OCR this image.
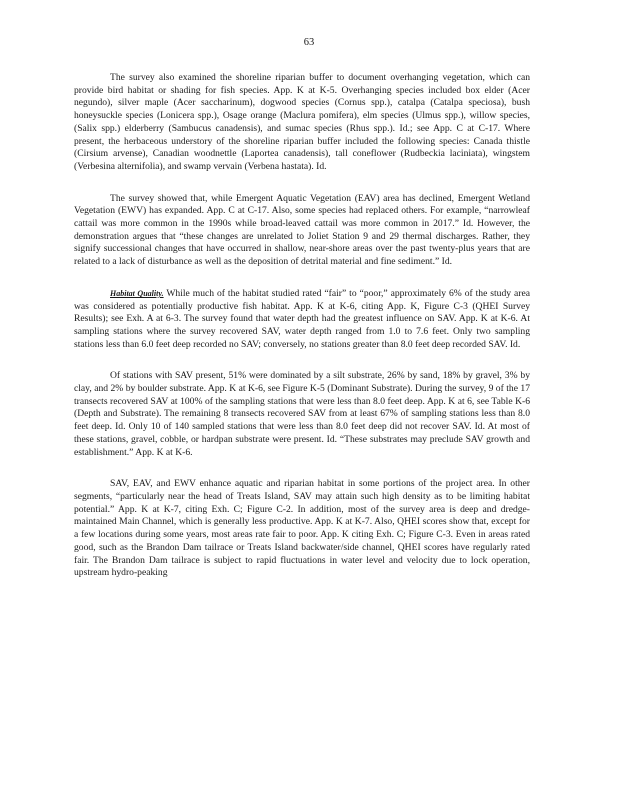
63

The survey also examined the shoreline riparian buffer to document overhanging vegetation, which can provide bird habitat or shading for fish species. App. K at K-5. Overhanging species included box elder (Acer negundo), silver maple (Acer saccharinum), dogwood species (Cornus spp.), catalpa (Catalpa speciosa), bush honeysuckle species (Lonicera spp.), Osage orange (Maclura pomifera), elm species (Ulmus spp.), willow species, (Salix spp.) elderberry (Sambucus canadensis), and sumac species (Rhus spp.). Id.; see App. C at C-17. Where present, the herbaceous understory of the shoreline riparian buffer included the following species: Canada thistle (Cirsium arvense), Canadian woodnettle (Laportea canadensis), tall coneflower (Rudbeckia laciniata), wingstem (Verbesina alternifolia), and swamp vervain (Verbena hastata). Id.

The survey showed that, while Emergent Aquatic Vegetation (EAV) area has declined, Emergent Wetland Vegetation (EWV) has expanded. App. C at C-17. Also, some species had replaced others. For example, “narrowleaf cattail was more common in the 1990s while broad-leaved cattail was more common in 2017.” Id. However, the demonstration argues that “these changes are unrelated to Joliet Station 9 and 29 thermal discharges. Rather, they signify successional changes that have occurred in shallow, near-shore areas over the past twenty-plus years that are related to a lack of disturbance as well as the deposition of detrital material and fine sediment.” Id.

Habitat Quality. While much of the habitat studied rated “fair” to “poor,” approximately 6% of the study area was considered as potentially productive fish habitat. App. K at K-6, citing App. K, Figure C-3 (QHEI Survey Results); see Exh. A at 6-3. The survey found that water depth had the greatest influence on SAV. App. K at K-6. At sampling stations where the survey recovered SAV, water depth ranged from 1.0 to 7.6 feet. Only two sampling stations less than 6.0 feet deep recorded no SAV; conversely, no stations greater than 8.0 feet deep recorded SAV. Id.

Of stations with SAV present, 51% were dominated by a silt substrate, 26% by sand, 18% by gravel, 3% by clay, and 2% by boulder substrate. App. K at K-6, see Figure K-5 (Dominant Substrate). During the survey, 9 of the 17 transects recovered SAV at 100% of the sampling stations that were less than 8.0 feet deep. App. K at 6, see Table K-6 (Depth and Substrate). The remaining 8 transects recovered SAV from at least 67% of sampling stations less than 8.0 feet deep. Id. Only 10 of 140 sampled stations that were less than 8.0 feet deep did not recover SAV. Id. At most of these stations, gravel, cobble, or hardpan substrate were present. Id. “These substrates may preclude SAV growth and establishment.” App. K at K-6.

SAV, EAV, and EWV enhance aquatic and riparian habitat in some portions of the project area. In other segments, “particularly near the head of Treats Island, SAV may attain such high density as to be limiting habitat potential.” App. K at K-7, citing Exh. C; Figure C-2. In addition, most of the survey area is deep and dredge-maintained Main Channel, which is generally less productive. App. K at K-7. Also, QHEI scores show that, except for a few locations during some years, most areas rate fair to poor. App. K citing Exh. C; Figure C-3. Even in areas rated good, such as the Brandon Dam tailrace or Treats Island backwater/side channel, QHEI scores have regularly rated fair. The Brandon Dam tailrace is subject to rapid fluctuations in water level and velocity due to lock operation, upstream hydro-peaking
